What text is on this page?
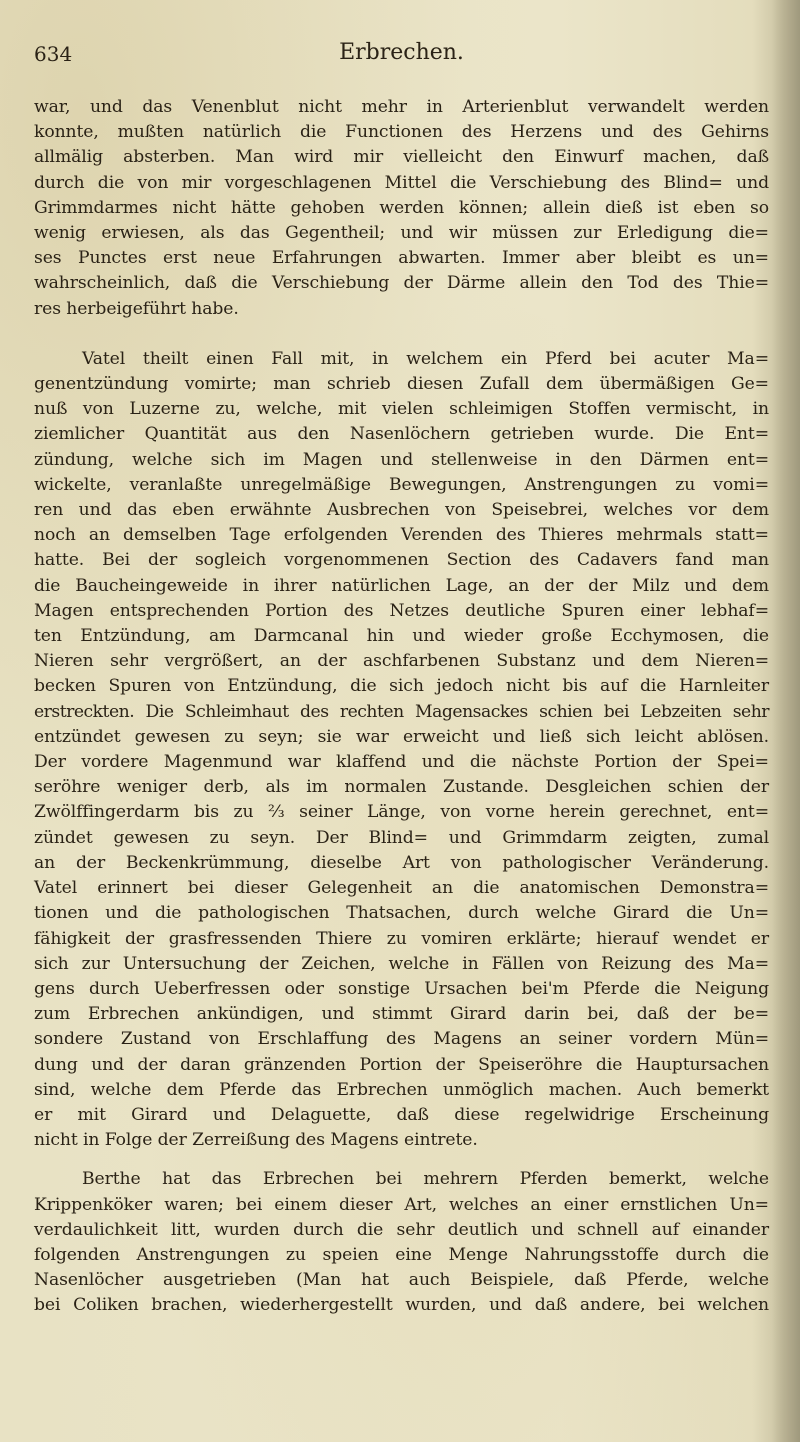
634	Erbrechen.
war, und das Venenblut nicht mehr in Arterienblut verwandelt werden
konnte, mußten natürlich die Functionen des Herzens und des Gehirns
allmälig absterben. Man wird mir vielleicht den Einwurf machen, daß
durch die von mir vorgeschlagenen Mittel die Verschiebung des Blind= und
Grimmdarmes nicht hätte gehoben werden können; allein dieß ist eben so
wenig erwiesen, als das Gegentheil; und wir müssen zur Erledigung die=
ses Punctes erst neue Erfahrungen abwarten. Immer aber bleibt es un=
wahrscheinlich, daß die Verschiebung der Därme allein den Tod des Thie=
res herbeigeführt habe.
Vatel theilt einen Fall mit, in welchem ein Pferd bei acuter Ma=
genentzündung vomirte; man schrieb diesen Zufall dem übermäßigen Ge=
nuß von Luzerne zu, welche, mit vielen schleimigen Stoffen vermischt, in
ziemlicher Quantität aus den Nasenlöchern getrieben wurde. Die Ent=
zündung, welche sich im Magen und stellenweise in den Därmen ent=
wickelte, veranlaßte unregelmäßige Bewegungen, Anstrengungen zu vomi=
ren und das eben erwähnte Ausbrechen von Speisebrei, welches vor dem
noch an demselben Tage erfolgenden Verenden des Thieres mehrmals statt=
hatte. Bei der sogleich vorgenommenen Section des Cadavers fand man
die Baucheingeweide in ihrer natürlichen Lage, an der der Milz und dem
Magen entsprechenden Portion des Netzes deutliche Spuren einer lebhaf=
ten Entzündung, am Darmcanal hin und wieder große Ecchymosen, die
Nieren sehr vergrößert, an der aschfarbenen Substanz und dem Nieren=
becken Spuren von Entzündung, die sich jedoch nicht bis auf die Harnleiter
erstreckten. Die Schleimhaut des rechten Magensackes schien bei Lebzeiten sehr
entzündet gewesen zu seyn; sie war erweicht und ließ sich leicht ablösen.
Der vordere Magenmund war klaffend und die nächste Portion der Spei=
seröhre weniger derb, als im normalen Zustande. Desgleichen schien der
Zwölffingerdarm bis zu ⅔ seiner Länge, von vorne herein gerechnet, ent=
zündet gewesen zu seyn. Der Blind= und Grimmdarm zeigten, zumal
an der Beckenkrümmung, dieselbe Art von pathologischer Veränderung.
Vatel erinnert bei dieser Gelegenheit an die anatomischen Demonstra=
tionen und die pathologischen Thatsachen, durch welche Girard die Un=
fähigkeit der grasfressenden Thiere zu vomiren erklärte; hierauf wendet er
sich zur Untersuchung der Zeichen, welche in Fällen von Reizung des Ma=
gens durch Ueberfressen oder sonstige Ursachen bei'm Pferde die Neigung
zum Erbrechen ankündigen, und stimmt Girard darin bei, daß der be=
sondere Zustand von Erschlaffung des Magens an seiner vordern Mün=
dung und der daran gränzenden Portion der Speiseröhre die Hauptursachen
sind, welche dem Pferde das Erbrechen unmöglich machen. Auch bemerkt
er mit Girard und Delaguette, daß diese regelwidrige Erscheinung
nicht in Folge der Zerreißung des Magens eintrete.
Berthe hat das Erbrechen bei mehrern Pferden bemerkt, welche
Krippenköker waren; bei einem dieser Art, welches an einer ernstlichen Un=
verdaulichkeit litt, wurden durch die sehr deutlich und schnell auf einander
folgenden Anstrengungen zu speien eine Menge Nahrungsstoffe durch die
Nasenlöcher ausgetrieben (Man hat auch Beispiele, daß Pferde, welche
bei Coliken brachen, wiederhergestellt wurden, und daß andere, bei welchen
